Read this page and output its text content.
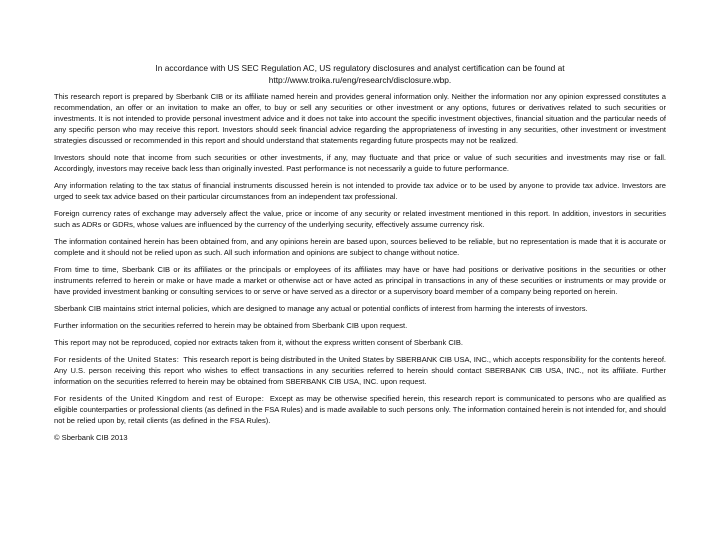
In accordance with US SEC Regulation AC, US regulatory disclosures and analyst certification can be found at
http://www.troika.ru/eng/research/disclosure.wbp.

This research report is prepared by Sberbank CIB or its affiliate named herein and provides general information only. Neither the information nor any opinion expressed constitutes a recommendation, an offer or an invitation to make an offer, to buy or sell any securities or other investment or any options, futures or derivatives related to such securities or investments. It is not intended to provide personal investment advice and it does not take into account the specific investment objectives, financial situation and the particular needs of any specific person who may receive this report. Investors should seek financial advice regarding the appropriateness of investing in any securities, other investment or investment strategies discussed or recommended in this report and should understand that statements regarding future prospects may not be realized.

Investors should note that income from such securities or other investments, if any, may fluctuate and that price or value of such securities and investments may rise or fall. Accordingly, investors may receive back less than originally invested. Past performance is not necessarily a guide to future performance.

Any information relating to the tax status of financial instruments discussed herein is not intended to provide tax advice or to be used by anyone to provide tax advice. Investors are urged to seek tax advice based on their particular circumstances from an independent tax professional.

Foreign currency rates of exchange may adversely affect the value, price or income of any security or related investment mentioned in this report. In addition, investors in securities such as ADRs or GDRs, whose values are influenced by the currency of the underlying security, effectively assume currency risk.

The information contained herein has been obtained from, and any opinions herein are based upon, sources believed to be reliable, but no representation is made that it is accurate or complete and it should not be relied upon as such. All such information and opinions are subject to change without notice.

From time to time, Sberbank CIB or its affiliates or the principals or employees of its affiliates may have or have had positions or derivative positions in the securities or other instruments referred to herein or make or have made a market or otherwise act or have acted as principal in transactions in any of these securities or instruments or may provide or have provided investment banking or consulting services to or serve or have served as a director or a supervisory board member of a company being reported on herein.

Sberbank CIB maintains strict internal policies, which are designed to manage any actual or potential conflicts of interest from harming the interests of investors.

Further information on the securities referred to herein may be obtained from Sberbank CIB upon request.

This report may not be reproduced, copied nor extracts taken from it, without the express written consent of Sberbank CIB.

For residents of the United States: This research report is being distributed in the United States by SBERBANK CIB USA, INC., which accepts responsibility for the contents hereof. Any U.S. person receiving this report who wishes to effect transactions in any securities referred to herein should contact SBERBANK CIB USA, INC., not its affiliate. Further information on the securities referred to herein may be obtained from SBERBANK CIB USA, INC. upon request.

For residents of the United Kingdom and rest of Europe: Except as may be otherwise specified herein, this research report is communicated to persons who are qualified as eligible counterparties or professional clients (as defined in the FSA Rules) and is made available to such persons only. The information contained herein is not intended for, and should not be relied upon by, retail clients (as defined in the FSA Rules).

© Sberbank CIB 2013
